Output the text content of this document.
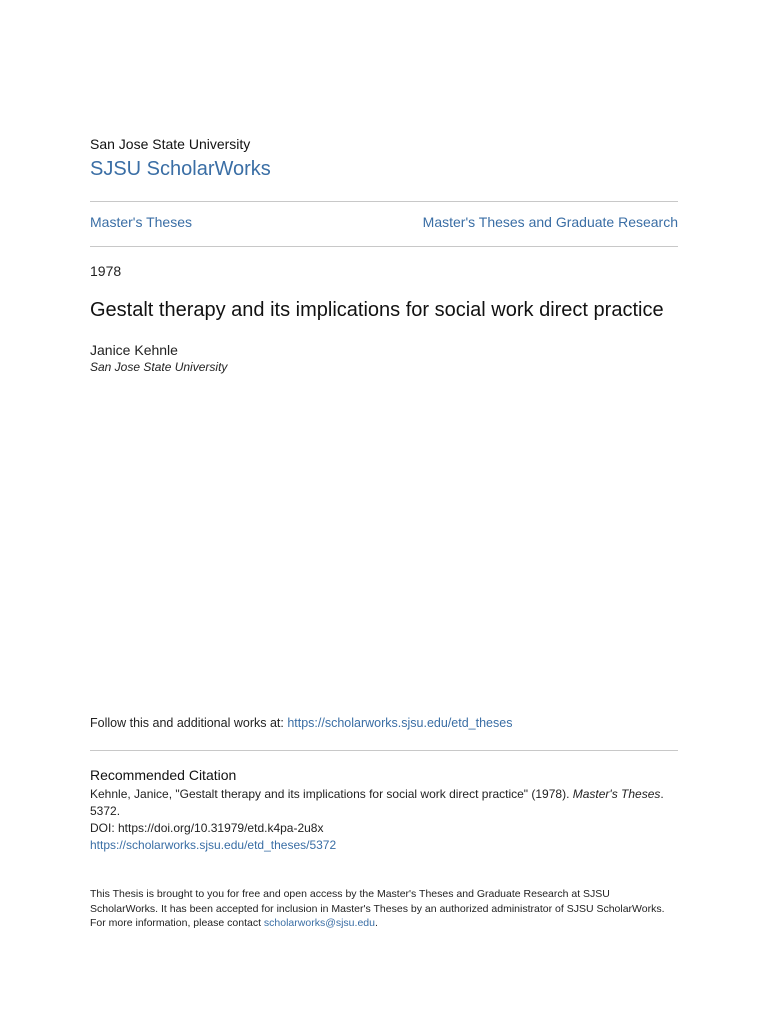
San Jose State University
SJSU ScholarWorks
Master's Theses	Master's Theses and Graduate Research
1978
Gestalt therapy and its implications for social work direct practice
Janice Kehnle
San Jose State University
Follow this and additional works at: https://scholarworks.sjsu.edu/etd_theses
Recommended Citation
Kehnle, Janice, "Gestalt therapy and its implications for social work direct practice" (1978). Master's Theses. 5372.
DOI: https://doi.org/10.31979/etd.k4pa-2u8x
https://scholarworks.sjsu.edu/etd_theses/5372
This Thesis is brought to you for free and open access by the Master's Theses and Graduate Research at SJSU ScholarWorks. It has been accepted for inclusion in Master's Theses by an authorized administrator of SJSU ScholarWorks. For more information, please contact scholarworks@sjsu.edu.
